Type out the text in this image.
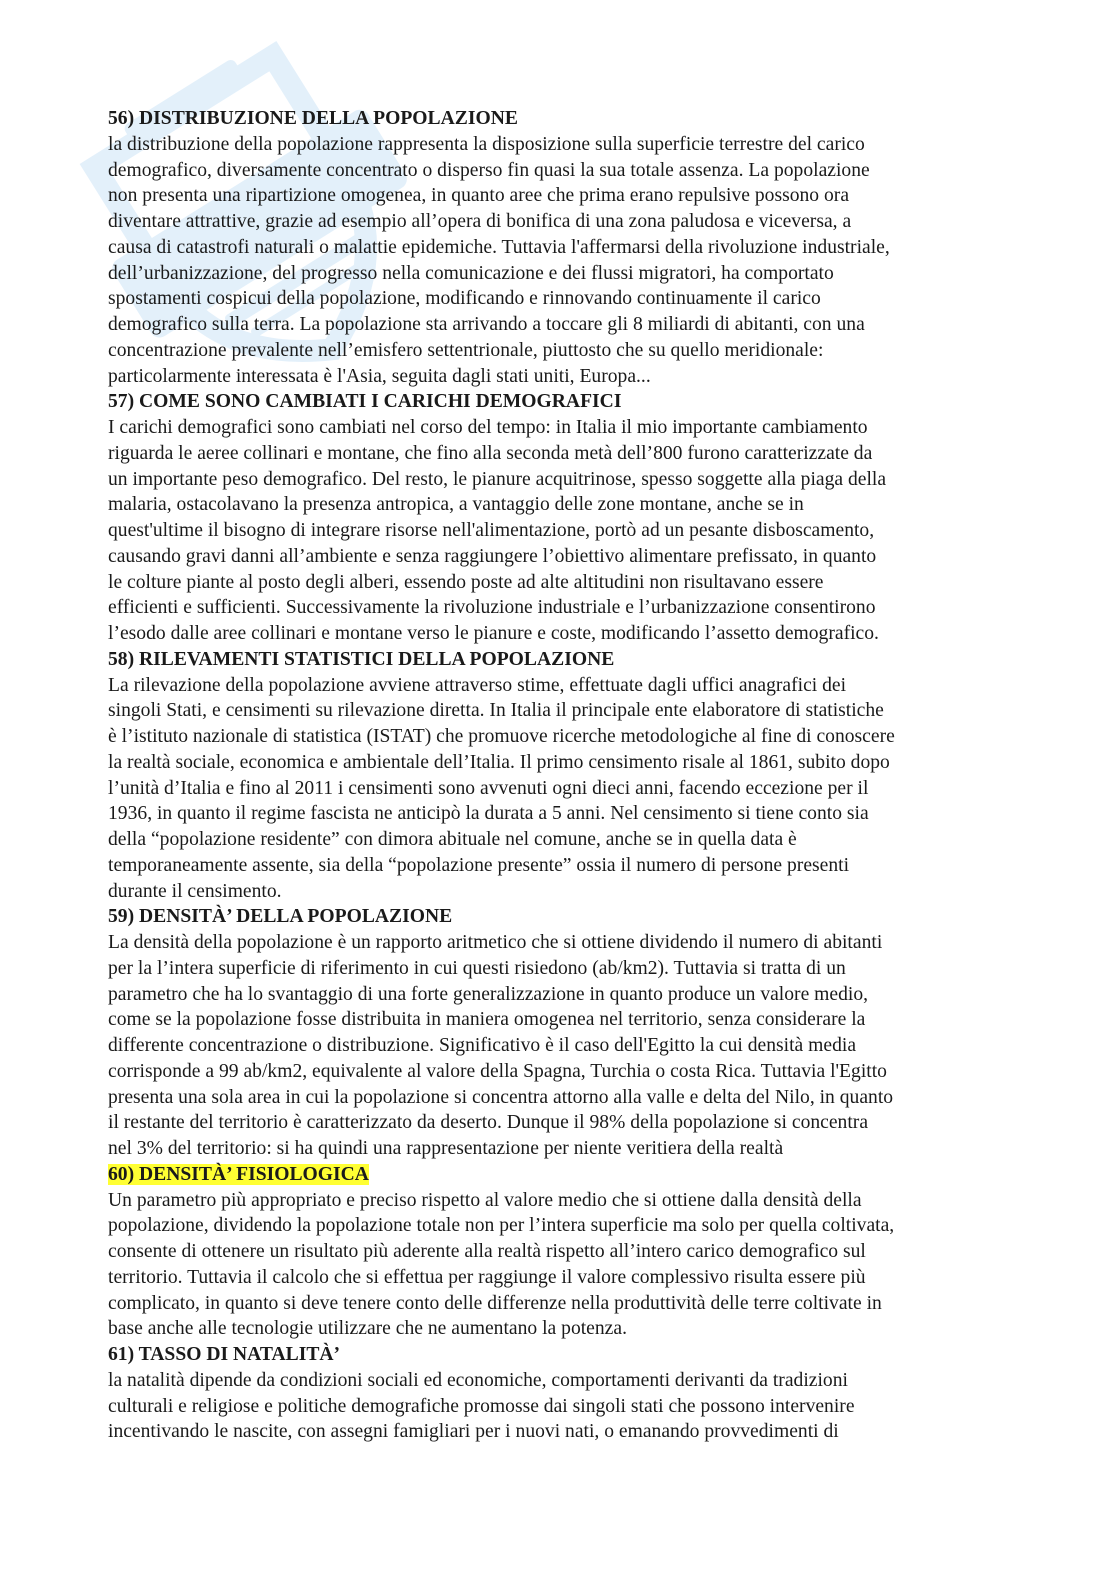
56) DISTRIBUZIONE DELLA POPOLAZIONE
la distribuzione della popolazione rappresenta la disposizione sulla superficie terrestre del carico
demografico, diversamente concentrato o disperso fin quasi la sua totale assenza. La popolazione
non presenta una ripartizione omogenea, in quanto aree che prima erano repulsive possono ora
diventare attrattive, grazie ad esempio all’opera di bonifica di una zona paludosa e viceversa, a
causa di catastrofi naturali o malattie epidemiche. Tuttavia l'affermarsi della rivoluzione industriale,
dell’urbanizzazione, del progresso nella comunicazione e dei flussi migratori, ha comportato
spostamenti cospicui della popolazione, modificando e rinnovando continuamente il carico
demografico sulla terra. La popolazione sta arrivando a toccare gli 8 miliardi di abitanti, con una
concentrazione prevalente nell’emisfero settentrionale, piuttosto che su quello meridionale:
particolarmente interessata è l'Asia, seguita dagli stati uniti, Europa...
57) COME SONO CAMBIATI I CARICHI DEMOGRAFICI
I carichi demografici sono cambiati nel corso del tempo: in Italia il mio importante cambiamento
riguarda le aeree collinari e montane, che fino alla seconda metà dell’800 furono caratterizzate da
un importante peso demografico. Del resto, le pianure acquitrinose, spesso soggette alla piaga della
malaria, ostacolavano la presenza antropica, a vantaggio delle zone montane, anche se in
quest'ultime il bisogno di integrare risorse nell'alimentazione, portò ad un pesante disboscamento,
causando gravi danni all’ambiente e senza raggiungere l’obiettivo alimentare prefissato, in quanto
le colture piante al posto degli alberi, essendo poste ad alte altitudini non risultavano essere
efficienti e sufficienti. Successivamente la rivoluzione industriale e l’urbanizzazione consentirono
l’esodo dalle aree collinari e montane verso le pianure e coste, modificando l’assetto demografico.
58) RILEVAMENTI STATISTICI DELLA POPOLAZIONE
La rilevazione della popolazione avviene attraverso stime, effettuate dagli uffici anagrafici dei
singoli Stati, e censimenti su rilevazione diretta. In Italia il principale ente elaboratore di statistiche
è l’istituto nazionale di statistica (ISTAT) che promuove ricerche metodologiche al fine di conoscere
la realtà sociale, economica e ambientale dell’Italia. Il primo censimento risale al 1861, subito dopo
l’unità d’Italia e fino al 2011 i censimenti sono avvenuti ogni dieci anni, facendo eccezione per il
1936, in quanto il regime fascista ne anticipò la durata a 5 anni. Nel censimento si tiene conto sia
della “popolazione residente” con dimora abituale nel comune, anche se in quella data è
temporaneamente assente, sia della “popolazione presente” ossia il numero di persone presenti
durante il censimento.
59) DENSITÀ’ DELLA POPOLAZIONE
La densità della popolazione è un rapporto aritmetico che si ottiene dividendo il numero di abitanti
per la l’intera superficie di riferimento in cui questi risiedono (ab/km2). Tuttavia si tratta di un
parametro che ha lo svantaggio di una forte generalizzazione in quanto produce un valore medio,
come se la popolazione fosse distribuita in maniera omogenea nel territorio, senza considerare la
differente concentrazione o distribuzione. Significativo è il caso dell'Egitto la cui densità media
corrisponde a 99 ab/km2, equivalente al valore della Spagna, Turchia o costa Rica. Tuttavia l'Egitto
presenta una sola area in cui la popolazione si concentra attorno alla valle e delta del Nilo, in quanto
il restante del territorio è caratterizzato da deserto. Dunque il 98% della popolazione si concentra
nel 3% del territorio: si ha quindi una rappresentazione per niente veritiera della realtà
60) DENSITÀ’ FISIOLOGICA
Un parametro più appropriato e preciso rispetto al valore medio che si ottiene dalla densità della
popolazione, dividendo la popolazione totale non per l’intera superficie ma solo per quella coltivata,
consente di ottenere un risultato più aderente alla realtà rispetto all’intero carico demografico sul
territorio. Tuttavia il calcolo che si effettua per raggiunge il valore complessivo risulta essere più
complicato, in quanto si deve tenere conto delle differenze nella produttività delle terre coltivate in
base anche alle tecnologie utilizzare che ne aumentano la potenza.
61) TASSO DI NATALITÀ’
la natalità dipende da condizioni sociali ed economiche, comportamenti derivanti da tradizioni
culturali e religiose e politiche demografiche promosse dai singoli stati che possono intervenire
incentivando le nascite, con assegni famigliari per i nuovi nati, o emanando provvedimenti di
